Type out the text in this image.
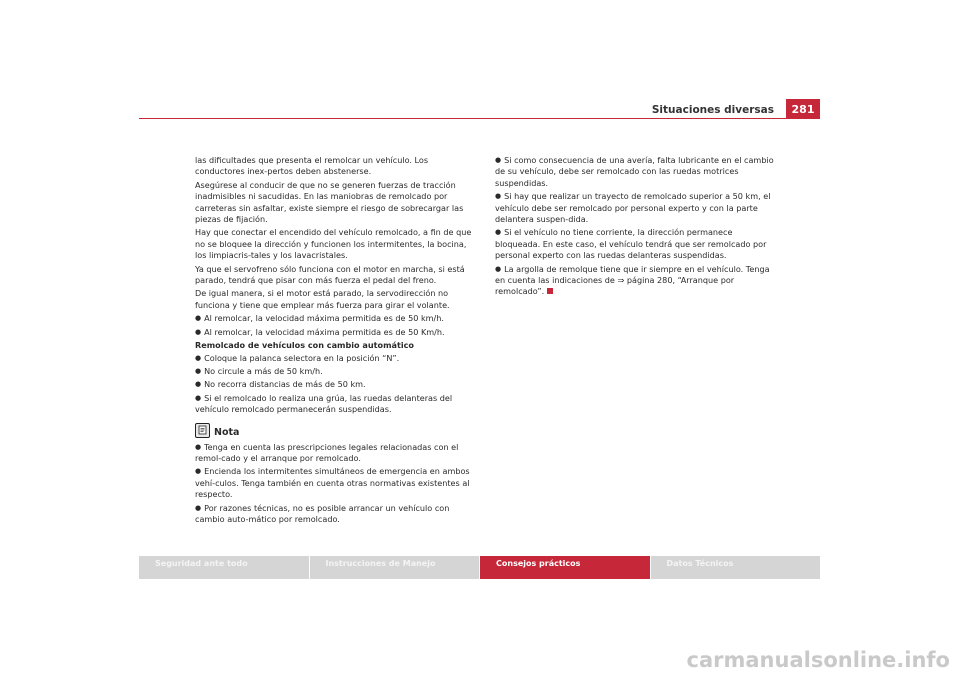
Situaciones diversas	281

las dificultades que presenta el remolcar un vehículo. Los conductores inex-pertos deben abstenerse.

Asegúrese al conducir de que no se generen fuerzas de tracción inadmisibles ni sacudidas. En las maniobras de remolcado por carreteras sin asfaltar, existe siempre el riesgo de sobrecargar las piezas de fijación.

Hay que conectar el encendido del vehículo remolcado, a fin de que no se bloquee la dirección y funcionen los intermitentes, la bocina, los limpiacris-tales y los lavacristales.

Ya que el servofreno sólo funciona con el motor en marcha, si está parado, tendrá que pisar con más fuerza el pedal del freno.

De igual manera, si el motor está parado, la servodirección no funciona y tiene que emplear más fuerza para girar el volante.

● Al remolcar, la velocidad máxima permitida es de 50 km/h.
● Al remolcar, la velocidad máxima permitida es de 50 Km/h.
Remolcado de vehículos con cambio automático
● Coloque la palanca selectora en la posición “N”.
● No circule a más de 50 km/h.
● No recorra distancias de más de 50 km.
● Si el remolcado lo realiza una grúa, las ruedas delanteras del vehículo remolcado permanecerán suspendidas.
Nota
● Tenga en cuenta las prescripciones legales relacionadas con el remol-cado y el arranque por remolcado.
● Encienda los intermitentes simultáneos de emergencia en ambos vehí-culos. Tenga también en cuenta otras normativas existentes al respecto.
● Por razones técnicas, no es posible arrancar un vehículo con cambio auto-mático por remolcado.
● Si como consecuencia de una avería, falta lubricante en el cambio de su vehículo, debe ser remolcado con las ruedas motrices suspendidas.
● Si hay que realizar un trayecto de remolcado superior a 50 km, el vehículo debe ser remolcado por personal experto y con la parte delantera suspen-dida.
● Si el vehículo no tiene corriente, la dirección permanece bloqueada. En este caso, el vehículo tendrá que ser remolcado por personal experto con las ruedas delanteras suspendidas.
● La argolla de remolque tiene que ir siempre en el vehículo. Tenga en cuenta las indicaciones de ⇒ página 280, “Arranque por remolcado”.
Seguridad ante todo	Instrucciones de Manejo	Consejos prácticos	Datos Técnicos
carmanualsonline.info
